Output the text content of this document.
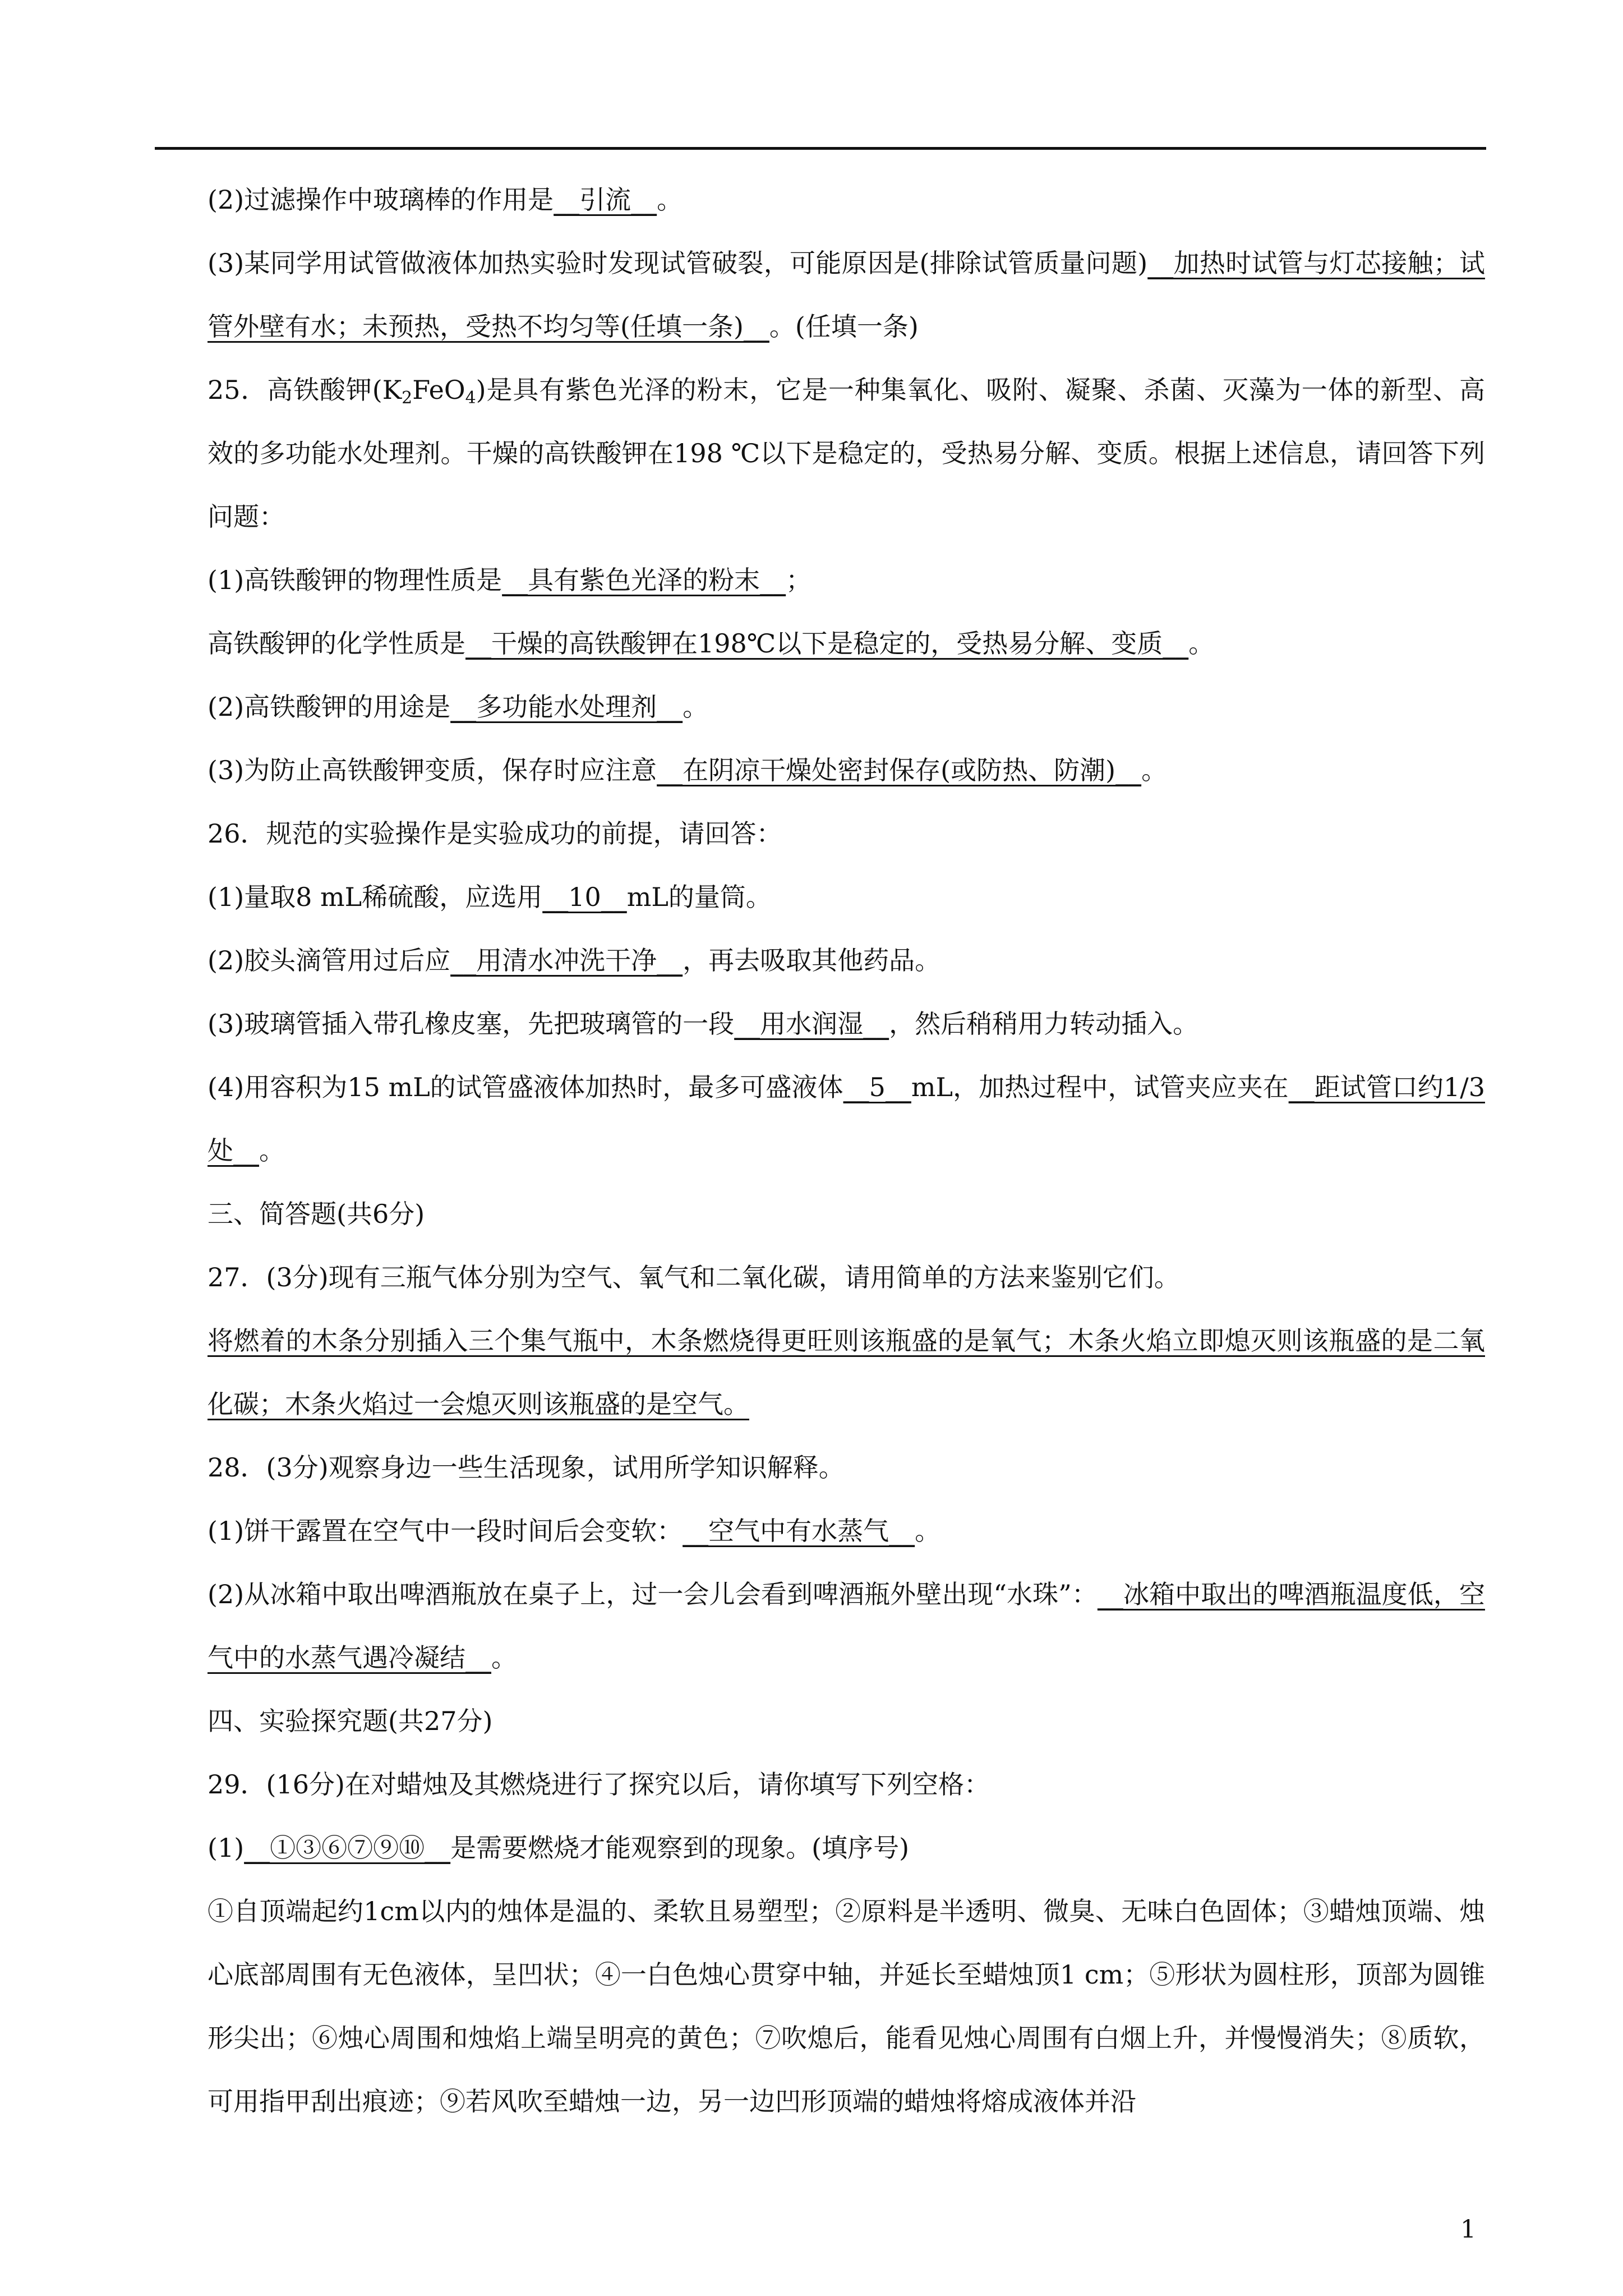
(2)过滤操作中玻璃棒的作用是__引流__。

(3)某同学用试管做液体加热实验时发现试管破裂，可能原因是(排除试管质量问题)__加热时试管与灯芯接触；试管外壁有水；未预热，受热不均匀等(任填一条)__。(任填一条)

25．高铁酸钾$(K_2FeO_4)$是具有紫色光泽的粉末，它是一种集氧化、吸附、凝聚、杀菌、灭藻为一体的新型、高效的多功能水处理剂。干燥的高铁酸钾在198 ℃以下是稳定的，受热易分解、变质。根据上述信息，请回答下列问题：

(1)高铁酸钾的物理性质是__具有紫色光泽的粉末__；

高铁酸钾的化学性质是__干燥的高铁酸钾在198℃以下是稳定的，受热易分解、变质__。

(2)高铁酸钾的用途是__多功能水处理剂__。

(3)为防止高铁酸钾变质，保存时应注意__在阴凉干燥处密封保存(或防热、防潮)__。

26．规范的实验操作是实验成功的前提，请回答：

(1)量取8 mL稀硫酸，应选用__10__mL的量筒。

(2)胶头滴管用过后应__用清水冲洗干净__，再去吸取其他药品。

(3)玻璃管插入带孔橡皮塞，先把玻璃管的一段__用水润湿__，然后稍稍用力转动插入。

(4)用容积为15 mL的试管盛液体加热时，最多可盛液体__5__mL，加热过程中，试管夹应夹在__距试管口约1/3处__。

三、简答题(共6分)

27．(3分)现有三瓶气体分别为空气、氧气和二氧化碳，请用简单的方法来鉴别它们。

将燃着的木条分别插入三个集气瓶中，木条燃烧得更旺则该瓶盛的是氧气；木条火焰立即熄灭则该瓶盛的是二氧化碳；木条火焰过一会熄灭则该瓶盛的是空气。

28．(3分)观察身边一些生活现象，试用所学知识解释。

(1)饼干露置在空气中一段时间后会变软：__空气中有水蒸气__。

(2)从冰箱中取出啤酒瓶放在桌子上，过一会儿会看到啤酒瓶外壁出现“水珠”：__冰箱中取出的啤酒瓶温度低，空气中的水蒸气遇冷凝结__。

四、实验探究题(共27分)

29．(16分)在对蜡烛及其燃烧进行了探究以后，请你填写下列空格：

(1)__①③⑥⑦⑨⑩__是需要燃烧才能观察到的现象。(填序号)

①自顶端起约1cm以内的烛体是温的、柔软且易塑型；②原料是半透明、微臭、无味白色固体；③蜡烛顶端、烛心底部周围有无色液体，呈凹状；④一白色烛心贯穿中轴，并延长至蜡烛顶1 cm；⑤形状为圆柱形，顶部为圆锥形尖出；⑥烛心周围和烛焰上端呈明亮的黄色；⑦吹熄后，能看见烛心周围有白烟上升，并慢慢消失；⑧质软，可用指甲刮出痕迹；⑨若风吹至蜡烛一边，另一边凹形顶端的蜡烛将熔成液体并沿

1
